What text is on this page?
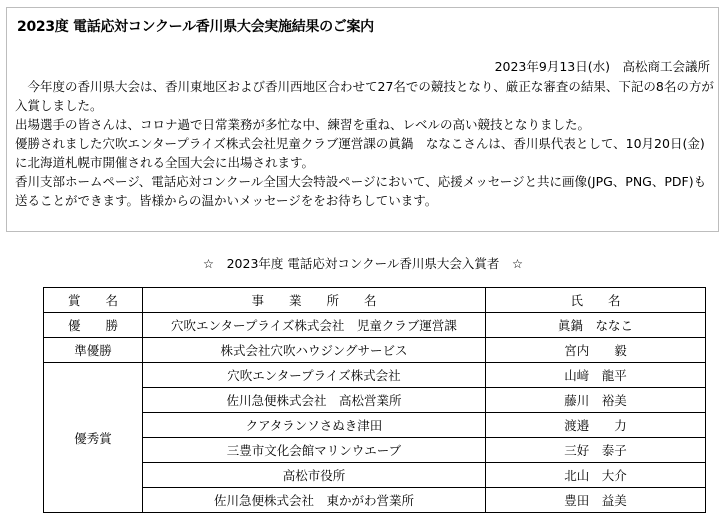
2023度 電話応対コンクール香川県大会実施結果のご案内
2023年9月13日(水)　高松商工会議所

　今年度の香川県大会は、香川東地区および香川西地区合わせて27名での競技となり、厳正な審査の結果、下記の8名の方が入賞しました。

出場選手の皆さんは、コロナ過で日常業務が多忙な中、練習を重ね、レベルの高い競技となりました。

優勝されました穴吹エンタープライズ株式会社児童クラブ運営課の眞鍋　ななこさんは、香川県代表として、10月20日(金)に北海道札幌市開催される全国大会に出場されます。

香川支部ホームページ、電話応対コンクール全国大会特設ページにおいて、応援メッセージと共に画像(JPG、PNG、PDF)も送ることができます。皆様からの温かいメッセージををお待ちしています。

☆　2023年度 電話応対コンクール香川県大会入賞者　☆
賞　　名	事　　業　　所　　名	氏　　名
優　　勝	穴吹エンタープライズ株式会社　児童クラブ運営課	眞鍋　ななこ
準優勝	株式会社穴吹ハウジングサービス	宮内　　毅
優秀賞	穴吹エンタープライズ株式会社	山﨑　龍平
	佐川急便株式会社　高松営業所	藤川　裕美
	クアタランソさぬき津田	渡邉　　力
	三豊市文化会館マリンウエーブ	三好　泰子
	高松市役所	北山　大介
	佐川急便株式会社　東かがわ営業所	豊田　益美
